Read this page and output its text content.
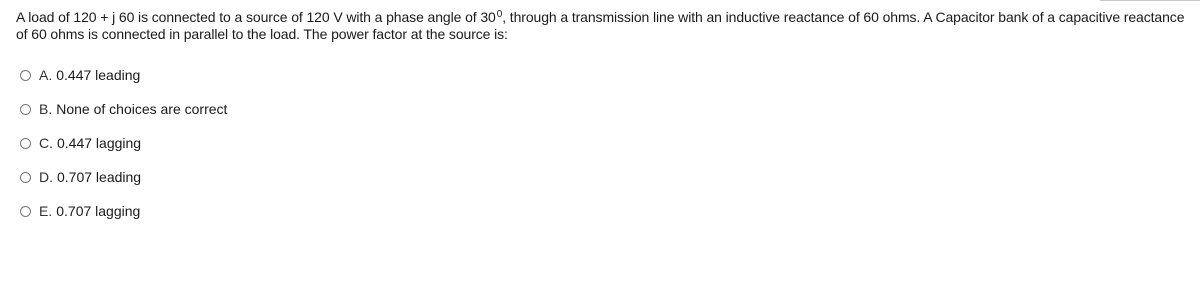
A load of 120 + j 60 is connected to a source of 120 V with a phase angle of $30^0$, through a transmission line with an inductive reactance of 60 ohms. A Capacitor bank of a capacitive reactance of 60 ohms is connected in parallel to the load. The power factor at the source is:
A. 0.447 leading
B. None of choices are correct
C. 0.447 lagging
D. 0.707 leading
E. 0.707 lagging
